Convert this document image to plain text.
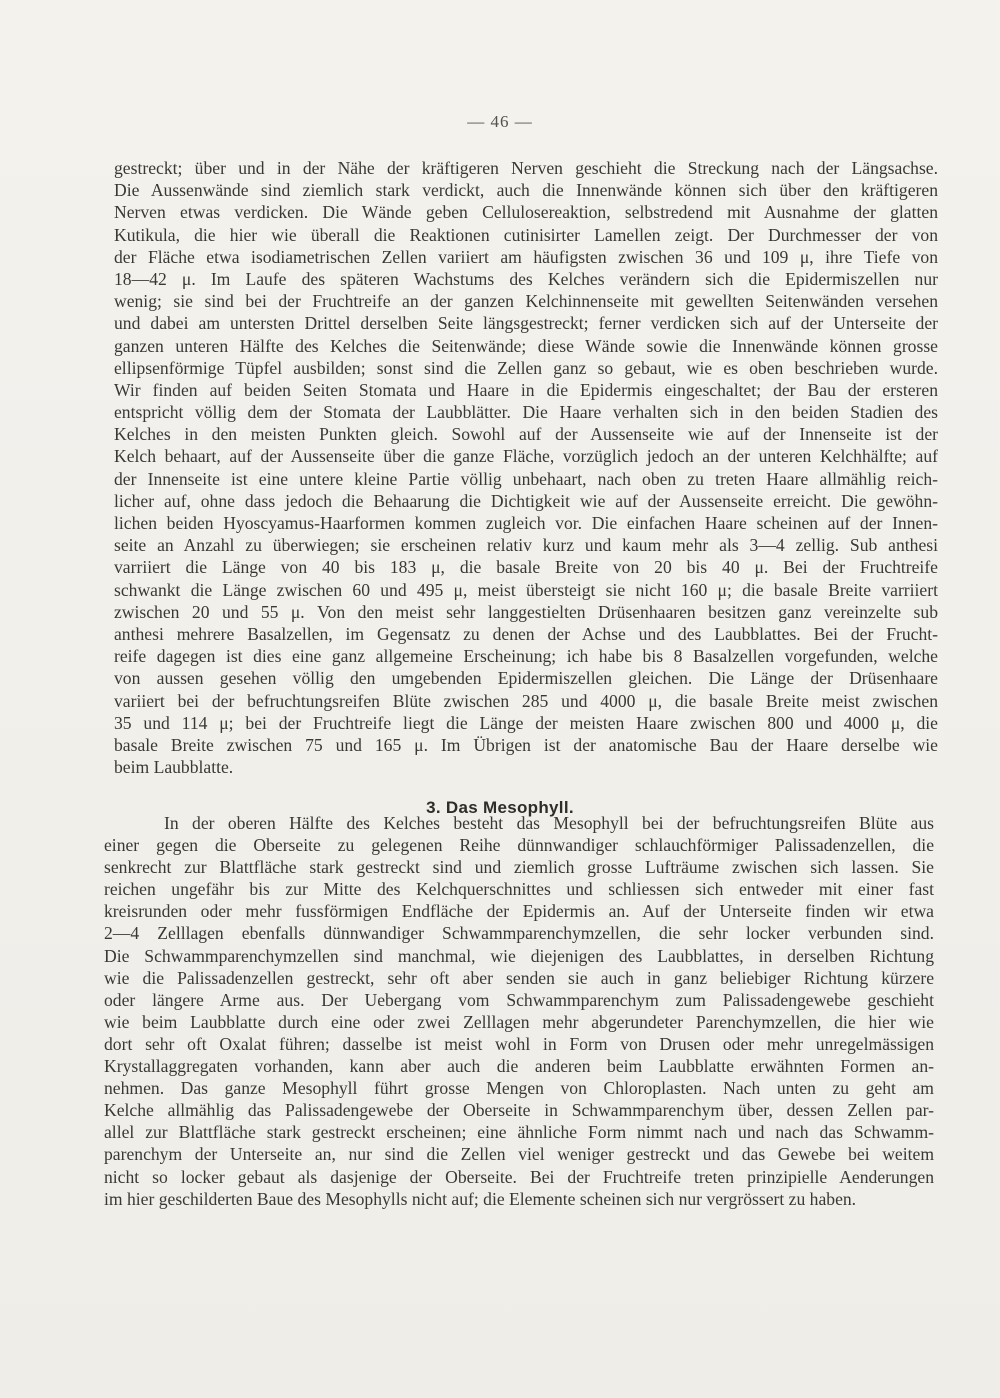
— 46 —
gestreckt; über und in der Nähe der kräftigeren Nerven geschieht die Streckung nach der Längsachse.
Die Aussenwände sind ziemlich stark verdickt, auch die Innenwände können sich über den kräftigeren
Nerven etwas verdicken. Die Wände geben Cellulosereaktion, selbstredend mit Ausnahme der glatten
Kutikula, die hier wie überall die Reaktionen cutinisirter Lamellen zeigt. Der Durchmesser der von
der Fläche etwa isodiametrischen Zellen variiert am häufigsten zwischen 36 und 109 μ, ihre Tiefe von
18—42 μ. Im Laufe des späteren Wachstums des Kelches verändern sich die Epidermiszellen nur
wenig; sie sind bei der Fruchtreife an der ganzen Kelchinnenseite mit gewellten Seitenwänden versehen
und dabei am untersten Drittel derselben Seite längsgestreckt; ferner verdicken sich auf der Unterseite der
ganzen unteren Hälfte des Kelches die Seitenwände; diese Wände sowie die Innenwände können grosse
ellipsenförmige Tüpfel ausbilden; sonst sind die Zellen ganz so gebaut, wie es oben beschrieben wurde.
Wir finden auf beiden Seiten Stomata und Haare in die Epidermis eingeschaltet; der Bau der ersteren
entspricht völlig dem der Stomata der Laubblätter. Die Haare verhalten sich in den beiden Stadien des
Kelches in den meisten Punkten gleich. Sowohl auf der Aussenseite wie auf der Innenseite ist der
Kelch behaart, auf der Aussenseite über die ganze Fläche, vorzüglich jedoch an der unteren Kelchhälfte; auf
der Innenseite ist eine untere kleine Partie völlig unbehaart, nach oben zu treten Haare allmählig reich-
licher auf, ohne dass jedoch die Behaarung die Dichtigkeit wie auf der Aussenseite erreicht. Die gewöhn-
lichen beiden Hyoscyamus-Haarformen kommen zugleich vor. Die einfachen Haare scheinen auf der Innen-
seite an Anzahl zu überwiegen; sie erscheinen relativ kurz und kaum mehr als 3—4 zellig. Sub anthesi
varriiert die Länge von 40 bis 183 μ, die basale Breite von 20 bis 40 μ. Bei der Fruchtreife
schwankt die Länge zwischen 60 und 495 μ, meist übersteigt sie nicht 160 μ; die basale Breite varriiert
zwischen 20 und 55 μ. Von den meist sehr langgestielten Drüsenhaaren besitzen ganz vereinzelte sub
anthesi mehrere Basalzellen, im Gegensatz zu denen der Achse und des Laubblattes. Bei der Frucht-
reife dagegen ist dies eine ganz allgemeine Erscheinung; ich habe bis 8 Basalzellen vorgefunden, welche
von aussen gesehen völlig den umgebenden Epidermiszellen gleichen. Die Länge der Drüsenhaare
variiert bei der befruchtungsreifen Blüte zwischen 285 und 4000 μ, die basale Breite meist zwischen
35 und 114 μ; bei der Fruchtreife liegt die Länge der meisten Haare zwischen 800 und 4000 μ, die
basale Breite zwischen 75 und 165 μ. Im Übrigen ist der anatomische Bau der Haare derselbe wie
beim Laubblatte.
3. Das Mesophyll.
In der oberen Hälfte des Kelches besteht das Mesophyll bei der befruchtungsreifen Blüte aus
einer gegen die Oberseite zu gelegenen Reihe dünnwandiger schlauchförmiger Palissadenzellen, die
senkrecht zur Blattfläche stark gestreckt sind und ziemlich grosse Lufträume zwischen sich lassen. Sie
reichen ungefähr bis zur Mitte des Kelchquerschnittes und schliessen sich entweder mit einer fast
kreisrunden oder mehr fussförmigen Endfläche der Epidermis an. Auf der Unterseite finden wir etwa
2—4 Zelllagen ebenfalls dünnwandiger Schwammparenchymzellen, die sehr locker verbunden sind.
Die Schwammparenchymzellen sind manchmal, wie diejenigen des Laubblattes, in derselben Richtung
wie die Palissadenzellen gestreckt, sehr oft aber senden sie auch in ganz beliebiger Richtung kürzere
oder längere Arme aus. Der Uebergang vom Schwammparenchym zum Palissadengewebe geschieht
wie beim Laubblatte durch eine oder zwei Zelllagen mehr abgerundeter Parenchymzellen, die hier wie
dort sehr oft Oxalat führen; dasselbe ist meist wohl in Form von Drusen oder mehr unregelmässigen
Krystallaggregaten vorhanden, kann aber auch die anderen beim Laubblatte erwähnten Formen an-
nehmen. Das ganze Mesophyll führt grosse Mengen von Chloroplasten. Nach unten zu geht am
Kelche allmählig das Palissadengewebe der Oberseite in Schwammparenchym über, dessen Zellen par-
allel zur Blattfläche stark gestreckt erscheinen; eine ähnliche Form nimmt nach und nach das Schwamm-
parenchym der Unterseite an, nur sind die Zellen viel weniger gestreckt und das Gewebe bei weitem
nicht so locker gebaut als dasjenige der Oberseite. Bei der Fruchtreife treten prinzipielle Aenderungen
im hier geschilderten Baue des Mesophylls nicht auf; die Elemente scheinen sich nur vergrössert zu haben.
